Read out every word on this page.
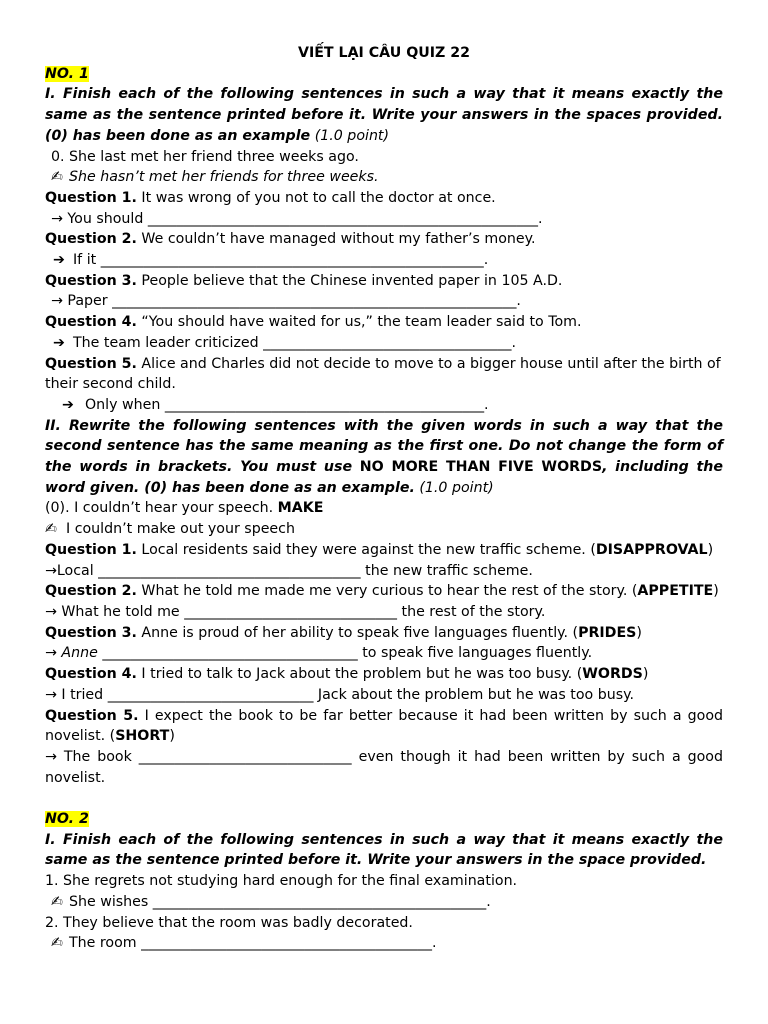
VIẾT LẠI CÂU QUIZ 22
NO. 1
I. Finish each of the following sentences in such a way that it means exactly the same as the sentence printed before it. Write your answers in the spaces provided. (0) has been done as an example (1.0 point)
0. She last met her friend three weeks ago.
✍ She hasn’t met her friends for three weeks.
Question 1. It was wrong of you not to call the doctor at once.
→ You should _______________________________________________________.
Question 2. We couldn’t have managed without my father’s money.
➔ If it ______________________________________________________.
Question 3. People believe that the Chinese invented paper in 105 A.D.
→ Paper _________________________________________________________.
Question 4. “You should have waited for us,” the team leader said to Tom.
➔ The team leader criticized ___________________________________.
Question 5. Alice and Charles did not decide to move to a bigger house until after the birth of their second child.
➔ Only when _____________________________________________.
II. Rewrite the following sentences with the given words in such a way that the second sentence has the same meaning as the first one. Do not change the form of the words in brackets. You must use NO MORE THAN FIVE WORDS, including the word given. (0) has been done as an example. (1.0 point)
(0). I couldn’t hear your speech. MAKE
✍ I couldn’t make out your speech
Question 1. Local residents said they were against the new traffic scheme. (DISAPPROVAL)
→Local _____________________________________ the new traffic scheme.
Question 2. What he told me made me very curious to hear the rest of the story. (APPETITE)
→ What he told me ______________________________ the rest of the story.
Question 3. Anne is proud of her ability to speak five languages fluently. (PRIDES)
→ Anne ____________________________________ to speak five languages fluently.
Question 4. I tried to talk to Jack about the problem but he was too busy. (WORDS)
→ I tried _____________________________ Jack about the problem but he was too busy.
Question 5. I expect the book to be far better because it had been written by such a good novelist. (SHORT)
→ The book ______________________________ even though it had been written by such a good novelist.
NO. 2
I. Finish each of the following sentences in such a way that it means exactly the same as the sentence printed before it. Write your answers in the space provided.
1. She regrets not studying hard enough for the final examination.
✍ She wishes _______________________________________________.
2. They believe that the room was badly decorated.
✍ The room _________________________________________.
